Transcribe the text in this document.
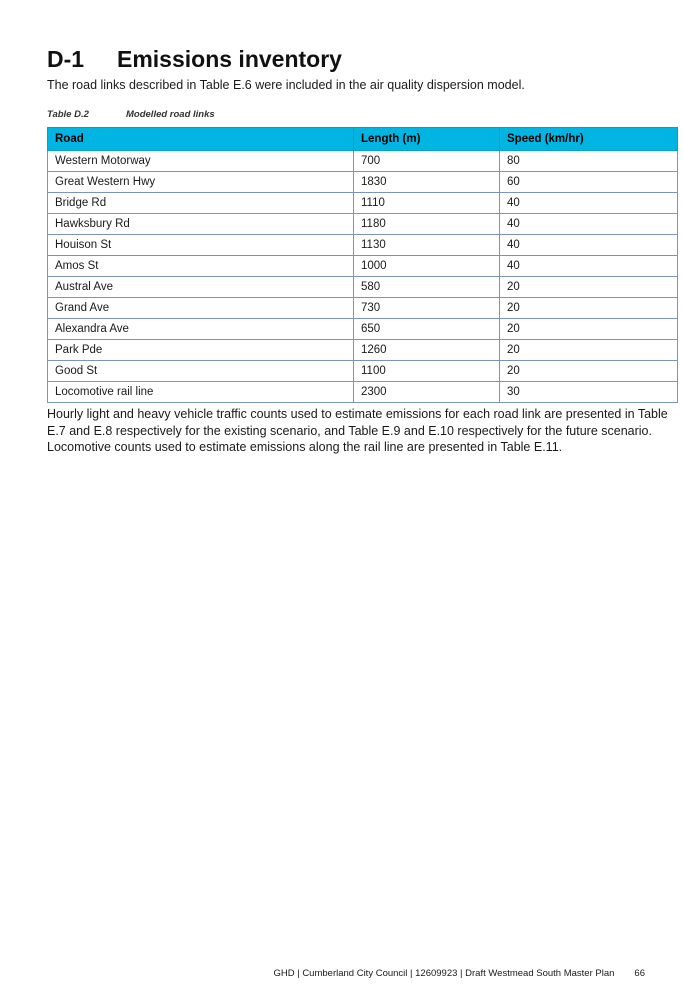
D-1 Emissions inventory

The road links described in Table E.6 were included in the air quality dispersion model.

Table D.2	Modelled road links
Road	Length (m)	Speed (km/hr)
Western Motorway	700	80
Great Western Hwy	1830	60
Bridge Rd	1110	40
Hawksbury Rd	1180	40
Houison St	1130	40
Amos St	1000	40
Austral Ave	580	20
Grand Ave	730	20
Alexandra Ave	650	20
Park Pde	1260	20
Good St	1100	20
Locomotive rail line	2300	30

Hourly light and heavy vehicle traffic counts used to estimate emissions for each road link are presented in Table E.7 and E.8 respectively for the existing scenario, and Table E.9 and E.10 respectively for the future scenario. Locomotive counts used to estimate emissions along the rail line are presented in Table E.11.

GHD | Cumberland City Council | 12609923 | Draft Westmead South Master Plan 66
